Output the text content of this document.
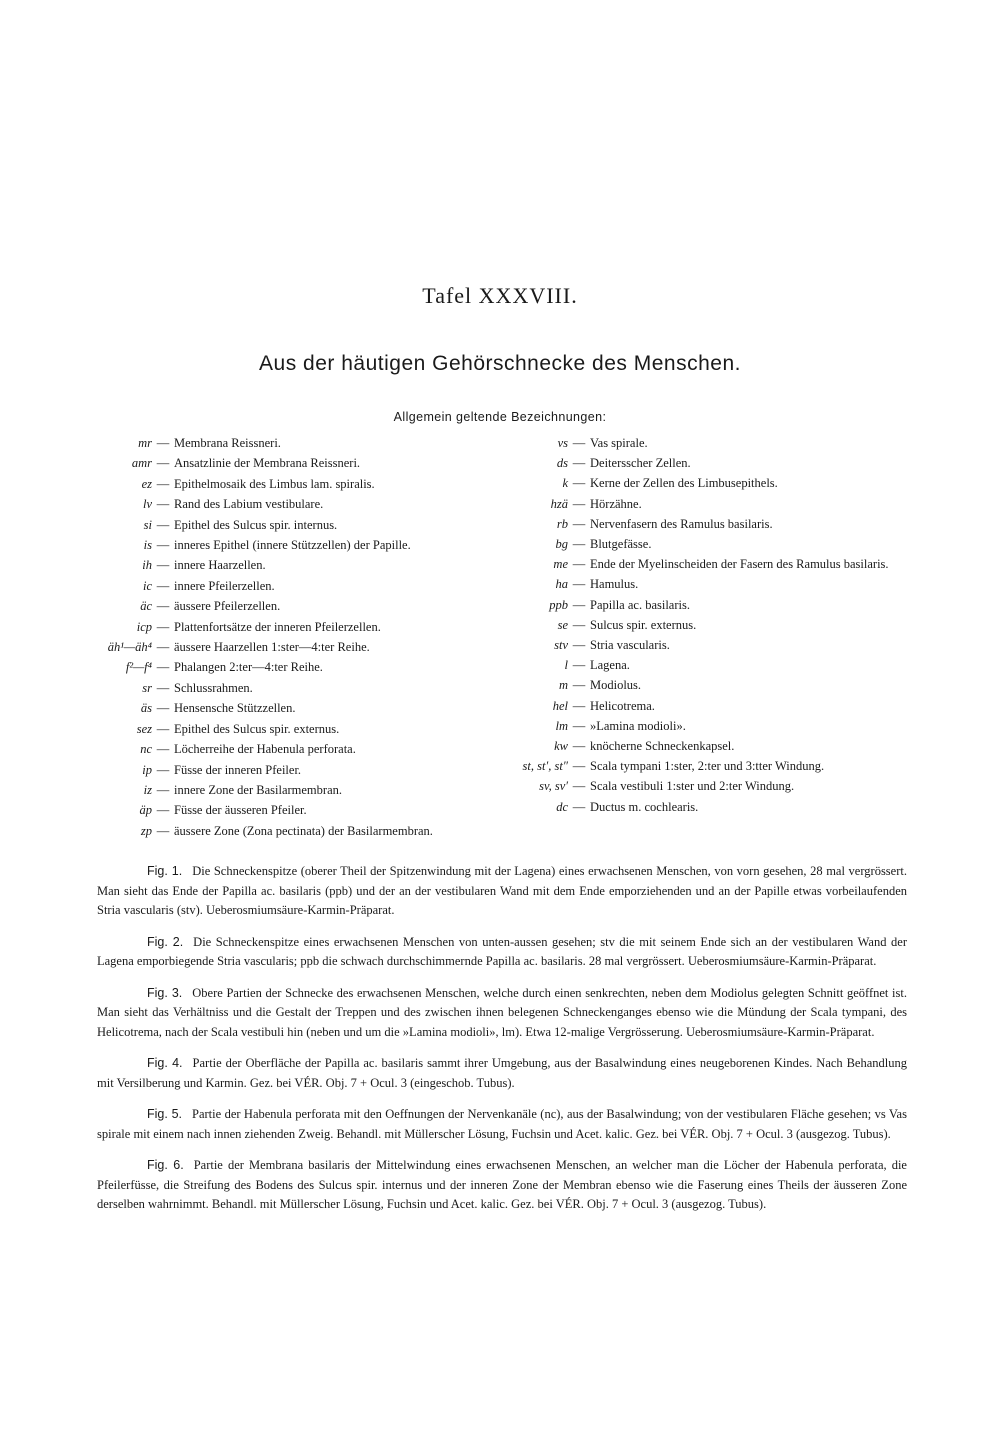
Tafel XXXVIII.
Aus der häutigen Gehörschnecke des Menschen.
Allgemein geltende Bezeichnungen:
mr — Membrana Reissneri.
amr — Ansatzlinie der Membrana Reissneri.
ez — Epithelmosaik des Limbus lam. spiralis.
lv — Rand des Labium vestibulare.
si — Epithel des Sulcus spir. internus.
is — inneres Epithel (innere Stützzellen) der Papille.
ih — innere Haarzellen.
ic — innere Pfeilerzellen.
äc — äussere Pfeilerzellen.
icp — Plattenfortsätze der inneren Pfeilerzellen.
äh¹—äh⁴ — äussere Haarzellen 1:ster—4:ter Reihe.
f²—f⁴ — Phalangen 2:ter—4:ter Reihe.
sr — Schlussrahmen.
äs — Hensensche Stützzellen.
sez — Epithel des Sulcus spir. externus.
nc — Löcherreihe der Habenula perforata.
ip — Füsse der inneren Pfeiler.
iz — innere Zone der Basilarmembran.
äp — Füsse der äusseren Pfeiler.
zp — äussere Zone (Zona pectinata) der Basilarmembran.
vs — Vas spirale.
ds — Deitersscher Zellen.
k — Kerne der Zellen des Limbusepithels.
hzä — Hörzähne.
rb — Nervenfasern des Ramulus basilaris.
bg — Blutgefässe.
me — Ende der Myelinscheiden der Fasern des Ramulus basilaris.
ha — Hamulus.
ppb — Papilla ac. basilaris.
se — Sulcus spir. externus.
stv — Stria vascularis.
l — Lagena.
m — Modiolus.
hel — Helicotrema.
lm — »Lamina modioli».
kw — knöcherne Schneckenkapsel.
st, st′, st″ — Scala tympani 1:ster, 2:ter und 3:tter Windung.
sv, sv′ — Scala vestibuli 1:ster und 2:ter Windung.
dc — Ductus m. cochlearis.

Fig. 1. Die Schneckenspitze (oberer Theil der Spitzenwindung mit der Lagena) eines erwachsenen Menschen, von vorn gesehen, 28 mal vergrössert. Man sieht das Ende der Papilla ac. basilaris (ppb) und der an der vestibularen Wand mit dem Ende emporziehenden und an der Papille etwas vorbeilaufenden Stria vascularis (stv). Ueberosmiumsäure-Karmin-Präparat.

Fig. 2. Die Schneckenspitze eines erwachsenen Menschen von unten-aussen gesehen; stv die mit seinem Ende sich an der vestibularen Wand der Lagena emporbiegende Stria vascularis; ppb die schwach durchschimmernde Papilla ac. basilaris. 28 mal vergrössert. Ueberosmiumsäure-Karmin-Präparat.

Fig. 3. Obere Partien der Schnecke des erwachsenen Menschen, welche durch einen senkrechten, neben dem Modiolus gelegten Schnitt geöffnet ist. Man sieht das Verhältniss und die Gestalt der Treppen und des zwischen ihnen belegenen Schneckenganges ebenso wie die Mündung der Scala tympani, des Helicotrema, nach der Scala vestibuli hin (neben und um die »Lamina modioli», lm). Etwa 12-malige Vergrösserung. Ueberosmiumsäure-Karmin-Präparat.

Fig. 4. Partie der Oberfläche der Papilla ac. basilaris sammt ihrer Umgebung, aus der Basalwindung eines neugeborenen Kindes. Nach Behandlung mit Versilberung und Karmin. Gez. bei VÉR. Obj. 7 + Ocul. 3 (eingeschob. Tubus).

Fig. 5. Partie der Habenula perforata mit den Oeffnungen der Nervenkanäle (nc), aus der Basalwindung; von der vestibularen Fläche gesehen; vs Vas spirale mit einem nach innen ziehenden Zweig. Behandl. mit Müllerscher Lösung, Fuchsin und Acet. kalic. Gez. bei VÉR. Obj. 7 + Ocul. 3 (ausgezog. Tubus).

Fig. 6. Partie der Membrana basilaris der Mittelwindung eines erwachsenen Menschen, an welcher man die Löcher der Habenula perforata, die Pfeilerfüsse, die Streifung des Bodens des Sulcus spir. internus und der inneren Zone der Membran ebenso wie die Faserung eines Theils der äusseren Zone derselben wahrnimmt. Behandl. mit Müllerscher Lösung, Fuchsin und Acet. kalic. Gez. bei VÉR. Obj. 7 + Ocul. 3 (ausgezog. Tubus).
